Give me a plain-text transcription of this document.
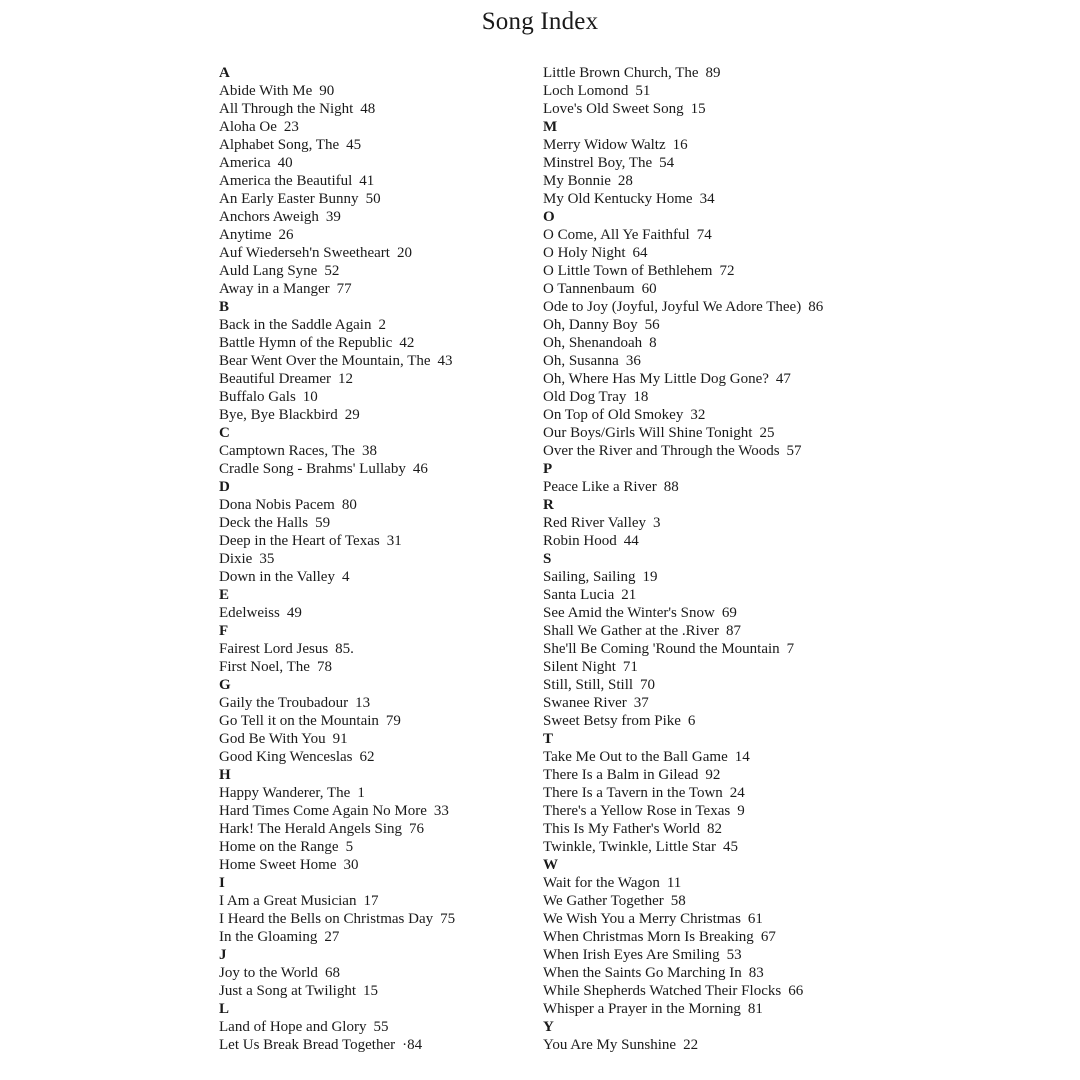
Song Index
A
Abide With Me 90
All Through the Night 48
Aloha Oe 23
Alphabet Song, The 45
America 40
America the Beautiful 41
An Early Easter Bunny 50
Anchors Aweigh 39
Anytime 26
Auf Wiederseh'n Sweetheart 20
Auld Lang Syne 52
Away in a Manger 77
B
Back in the Saddle Again 2
Battle Hymn of the Republic 42
Bear Went Over the Mountain, The 43
Beautiful Dreamer 12
Buffalo Gals 10
Bye, Bye Blackbird 29
C
Camptown Races, The 38
Cradle Song - Brahms' Lullaby 46
D
Dona Nobis Pacem 80
Deck the Halls 59
Deep in the Heart of Texas 31
Dixie 35
Down in the Valley 4
E
Edelweiss 49
F
Fairest Lord Jesus 85.
First Noel, The 78
G
Gaily the Troubadour 13
Go Tell it on the Mountain 79
God Be With You 91
Good King Wenceslas 62
H
Happy Wanderer, The 1
Hard Times Come Again No More 33
Hark! The Herald Angels Sing 76
Home on the Range 5
Home Sweet Home 30
I
I Am a Great Musician 17
I Heard the Bells on Christmas Day 75
In the Gloaming 27
J
Joy to the World 68
Just a Song at Twilight 15
L
Land of Hope and Glory 55
Let Us Break Bread Together ·84
Little Brown Church, The 89
Loch Lomond 51
Love's Old Sweet Song 15
M
Merry Widow Waltz 16
Minstrel Boy, The 54
My Bonnie 28
My Old Kentucky Home 34
O
O Come, All Ye Faithful 74
O Holy Night 64
O Little Town of Bethlehem 72
O Tannenbaum 60
Ode to Joy (Joyful, Joyful We Adore Thee) 86
Oh, Danny Boy 56
Oh, Shenandoah 8
Oh, Susanna 36
Oh, Where Has My Little Dog Gone? 47
Old Dog Tray 18
On Top of Old Smokey 32
Our Boys/Girls Will Shine Tonight 25
Over the River and Through the Woods 57
P
Peace Like a River 88
R
Red River Valley 3
Robin Hood 44
S
Sailing, Sailing 19
Santa Lucia 21
See Amid the Winter's Snow 69
Shall We Gather at the .River 87
She'll Be Coming 'Round the Mountain 7
Silent Night 71
Still, Still, Still 70
Swanee River 37
Sweet Betsy from Pike 6
T
Take Me Out to the Ball Game 14
There Is a Balm in Gilead 92
There Is a Tavern in the Town 24
There's a Yellow Rose in Texas 9
This Is My Father's World 82
Twinkle, Twinkle, Little Star 45
W
Wait for the Wagon 11
We Gather Together 58
We Wish You a Merry Christmas 61
When Christmas Morn Is Breaking 67
When Irish Eyes Are Smiling 53
When the Saints Go Marching In 83
While Shepherds Watched Their Flocks 66
Whisper a Prayer in the Morning 81
Y
You Are My Sunshine 22
